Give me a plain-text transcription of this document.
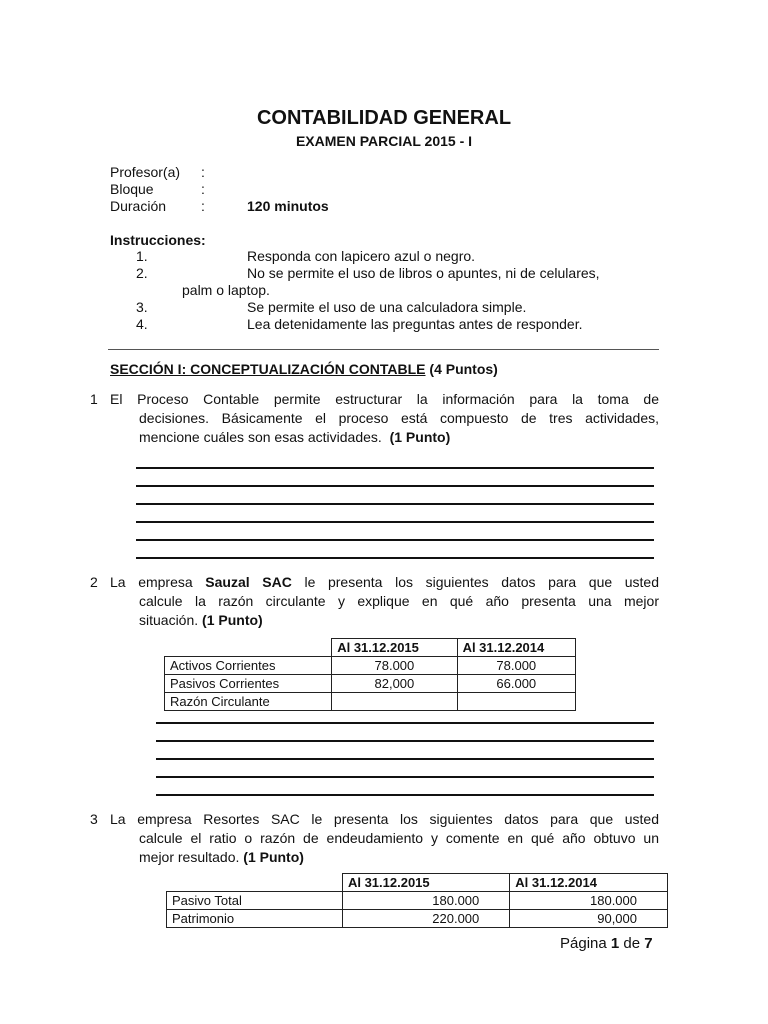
CONTABILIDAD GENERAL
EXAMEN PARCIAL 2015 - I
Profesor(a) :
Bloque	:
Duración :	120 minutos
Instrucciones:
1.	Responda con lapicero azul o negro.
2.	No se permite el uso de libros o apuntes, ni de celulares,
palm o laptop.
3.	Se permite el uso de una calculadora simple.
4.	Lea detenidamente las preguntas antes de responder.
SECCIÓN I: CONCEPTUALIZACIÓN CONTABLE (4 Puntos)
1 El Proceso Contable permite estructurar la información para la toma de
decisiones. Básicamente el proceso está compuesto de tres actividades,
mencione cuáles son esas actividades. (1 Punto)
2 La empresa Sauzal SAC le presenta los siguientes datos para que usted
calcule la razón circulante y explique en qué año presenta una mejor
situación. (1 Punto)
	Al 31.12.2015	Al 31.12.2014
Activos Corrientes	78.000	78.000
Pasivos Corrientes	82,000	66.000
Razón Circulante		
3 La empresa Resortes SAC le presenta los siguientes datos para que usted
calcule el ratio o razón de endeudamiento y comente en qué año obtuvo un
mejor resultado. (1 Punto)
	Al 31.12.2015	Al 31.12.2014
Pasivo Total	180.000	180.000
Patrimonio	220.000	90,000
Página 1 de 7
